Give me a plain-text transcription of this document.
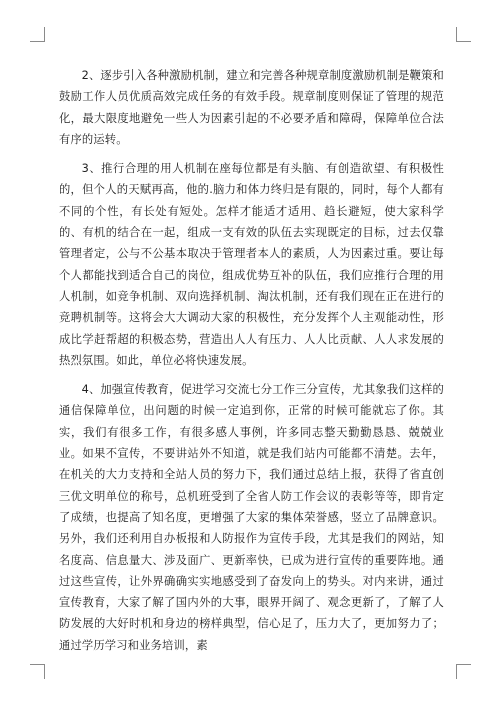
2、逐步引入各种激励机制，建立和完善各种规章制度激励机制是鞭策和鼓励工作人员优质高效完成任务的有效手段。规章制度则保证了管理的规范化，最大限度地避免一些人为因素引起的不必要矛盾和障碍，保障单位合法有序的运转。

3、推行合理的用人机制在座每位都是有头脑、有创造欲望、有积极性的，但个人的天赋再高，他的.脑力和体力终归是有限的，同时，每个人都有不同的个性，有长处有短处。怎样才能适才适用、趋长避短，使大家科学的、有机的结合在一起，组成一支有效的队伍去实现既定的目标，过去仅靠管理者定，公与不公基本取决于管理者本人的素质，人为因素过重。要让每个人都能找到适合自己的岗位，组成优势互补的队伍，我们应推行合理的用人机制，如竞争机制、双向选择机制、淘汰机制，还有我们现在正在进行的竞聘机制等。这将会大大调动大家的积极性，充分发挥个人主观能动性，形成比学赶帮超的积极态势，营造出人人有压力、人人比贡献、人人求发展的热烈氛围。如此，单位必将快速发展。

4、加强宣传教育，促进学习交流七分工作三分宣传，尤其象我们这样的通信保障单位，出问题的时候一定追到你，正常的时候可能就忘了你。其实，我们有很多工作，有很多感人事例，许多同志整天勤勤恳恳、兢兢业业。如果不宣传，不要讲站外不知道，就是我们站内可能都不清楚。去年，在机关的大力支持和全站人员的努力下，我们通过总结上报，获得了省直创三优文明单位的称号，总机班受到了全省人防工作会议的表彰等等，即肯定了成绩，也提高了知名度，更增强了大家的集体荣誉感，竖立了品牌意识。另外，我们还利用自办板报和人防报作为宣传手段，尤其是我们的网站，知名度高、信息量大、涉及面广、更新率快，已成为进行宣传的重要阵地。通过这些宣传，让外界确确实实地感受到了奋发向上的势头。对内来讲，通过宣传教育，大家了解了国内外的大事，眼界开阔了、观念更新了，了解了人防发展的大好时机和身边的榜样典型，信心足了，压力大了，更加努力了；通过学历学习和业务培训，素
